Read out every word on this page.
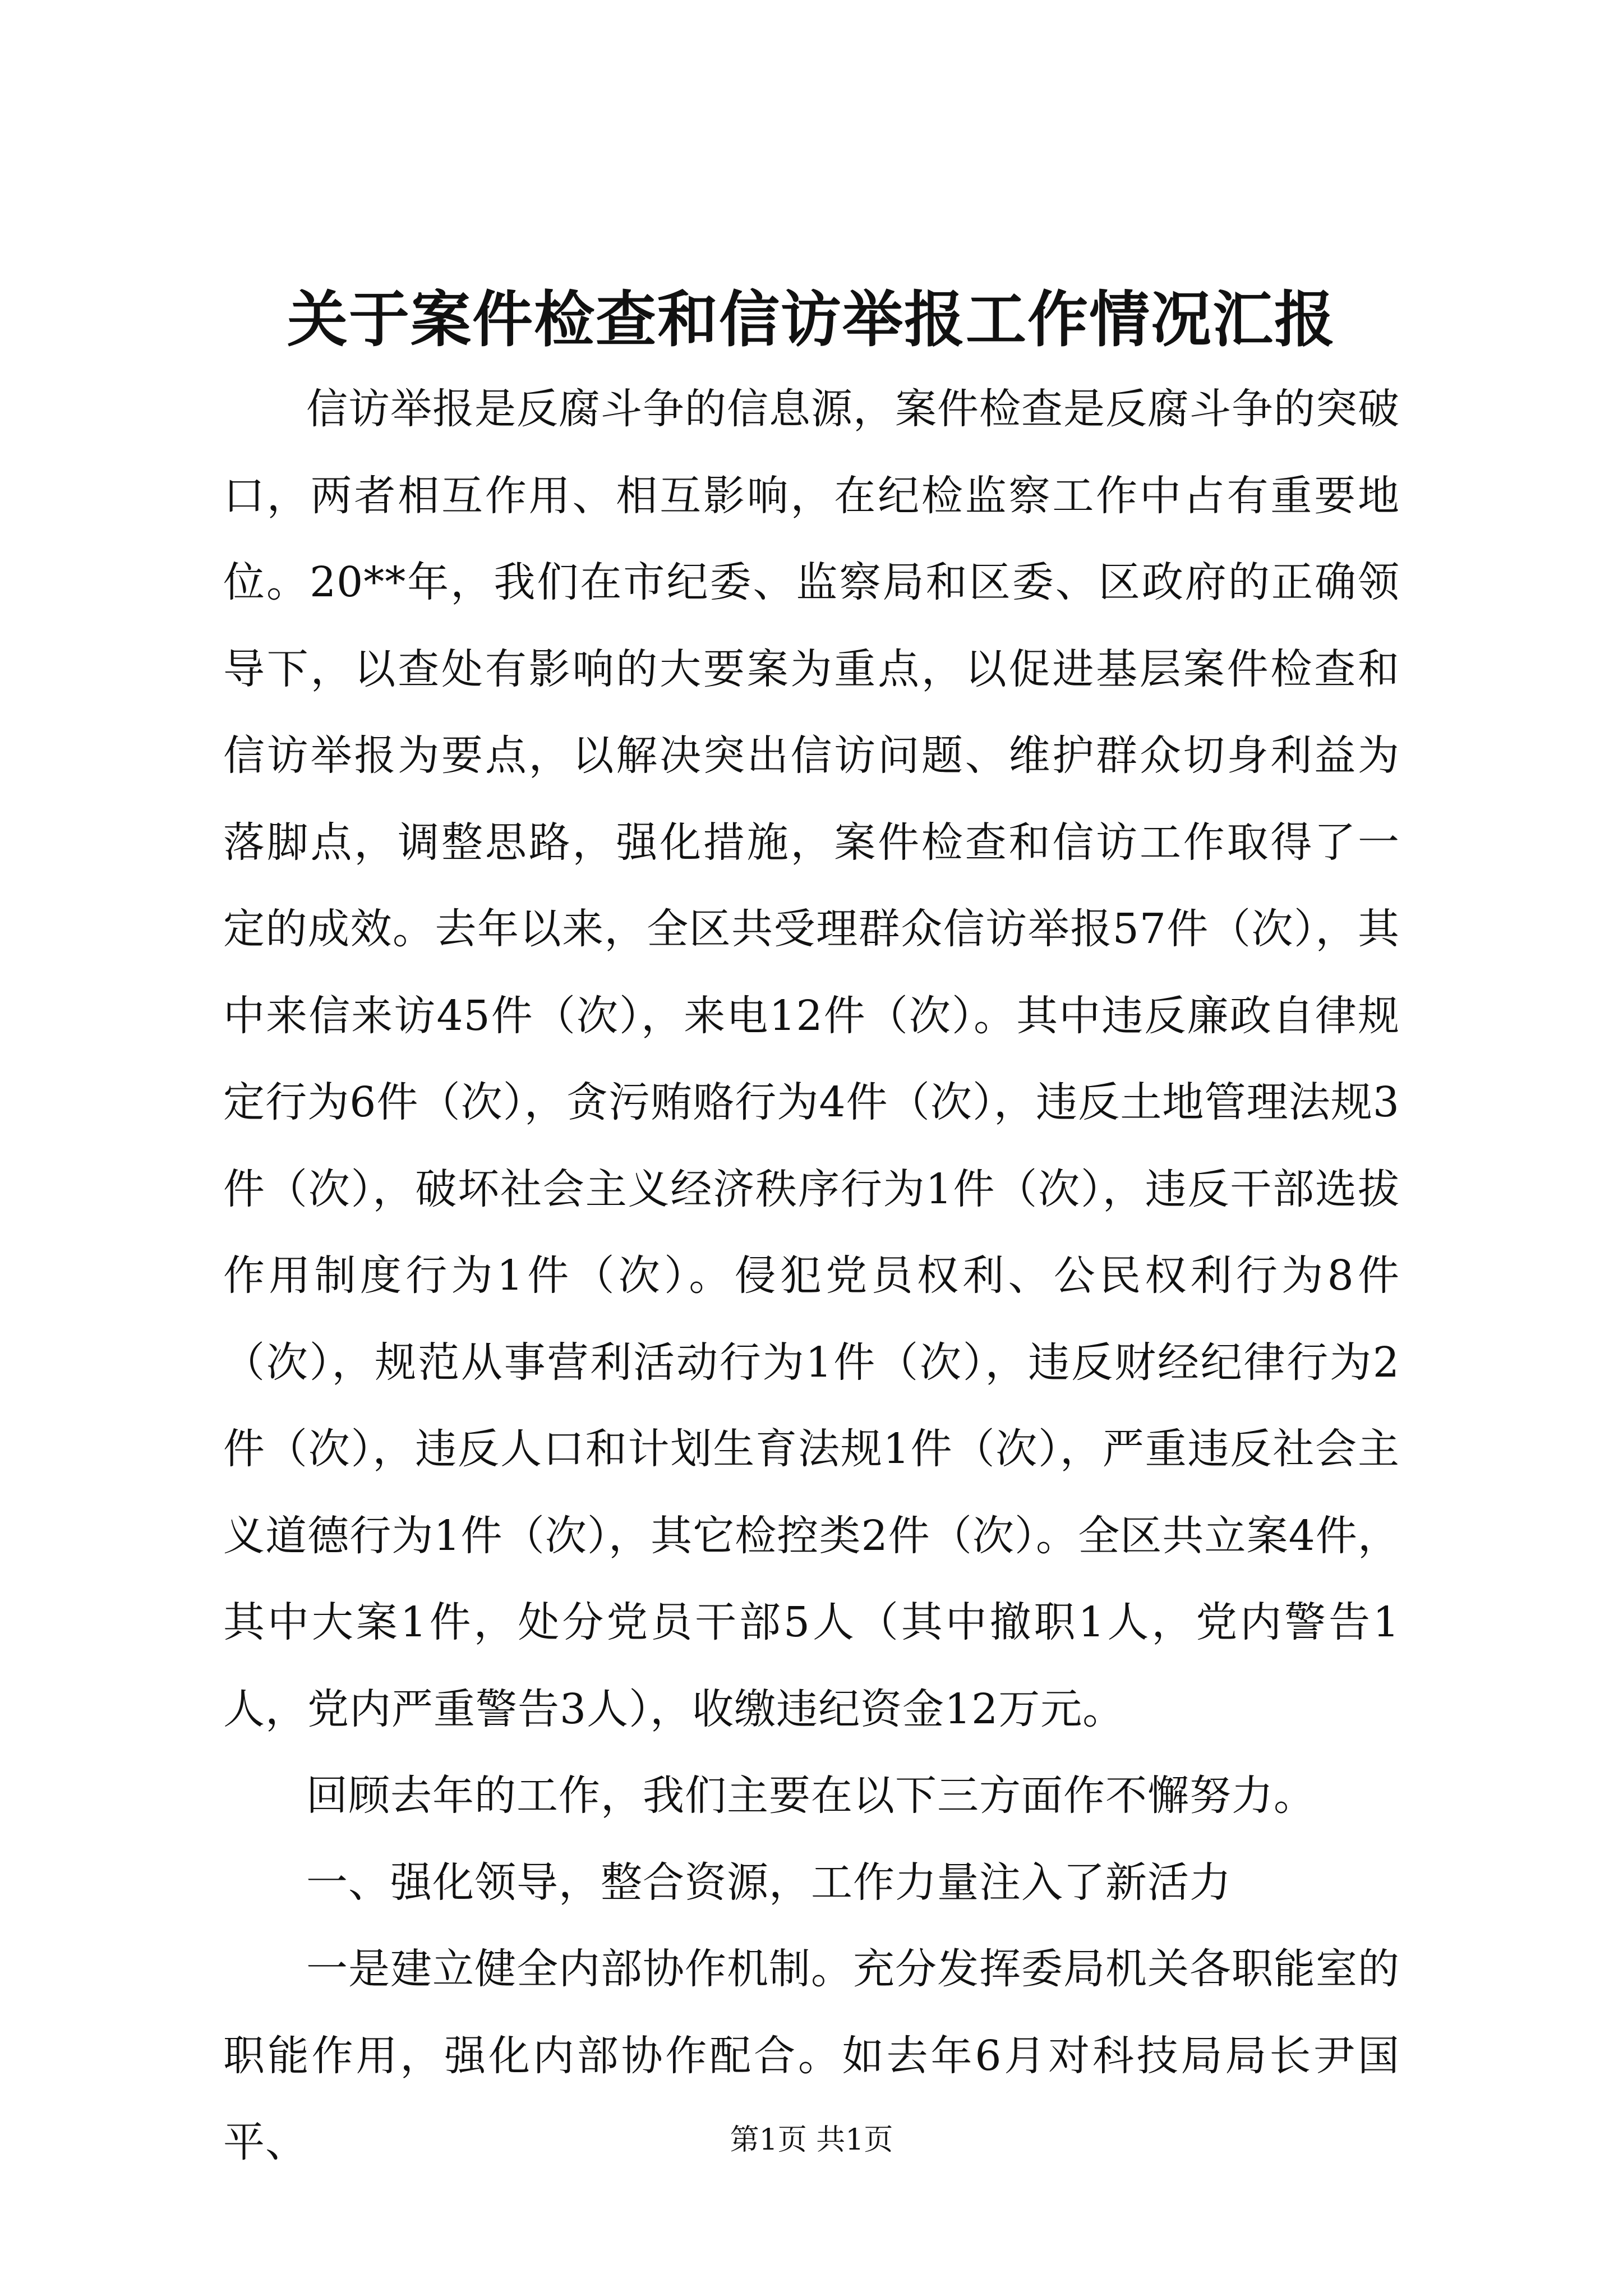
关于案件检查和信访举报工作情况汇报

信访举报是反腐斗争的信息源，案件检查是反腐斗争的突破口，两者相互作用、相互影响，在纪检监察工作中占有重要地位。20**年，我们在市纪委、监察局和区委、区政府的正确领导下，以查处有影响的大要案为重点，以促进基层案件检查和信访举报为要点，以解决突出信访问题、维护群众切身利益为落脚点，调整思路，强化措施，案件检查和信访工作取得了一定的成效。去年以来，全区共受理群众信访举报57件（次），其中来信来访45件（次），来电12件（次）。其中违反廉政自律规定行为6件（次），贪污贿赂行为4件（次），违反土地管理法规3件（次），破坏社会主义经济秩序行为1件（次），违反干部选拔作用制度行为1件（次）。侵犯党员权利、公民权利行为8件（次），规范从事营利活动行为1件（次），违反财经纪律行为2件（次），违反人口和计划生育法规1件（次），严重违反社会主义道德行为1件（次），其它检控类2件（次）。全区共立案4件，其中大案1件，处分党员干部5人（其中撤职1人，党内警告1人，党内严重警告3人），收缴违纪资金12万元。

回顾去年的工作，我们主要在以下三方面作不懈努力。

一、强化领导，整合资源，工作力量注入了新活力

一是建立健全内部协作机制。充分发挥委局机关各职能室的职能作用，强化内部协作配合。如去年6月对科技局局长尹国平、	第1页 共1页
